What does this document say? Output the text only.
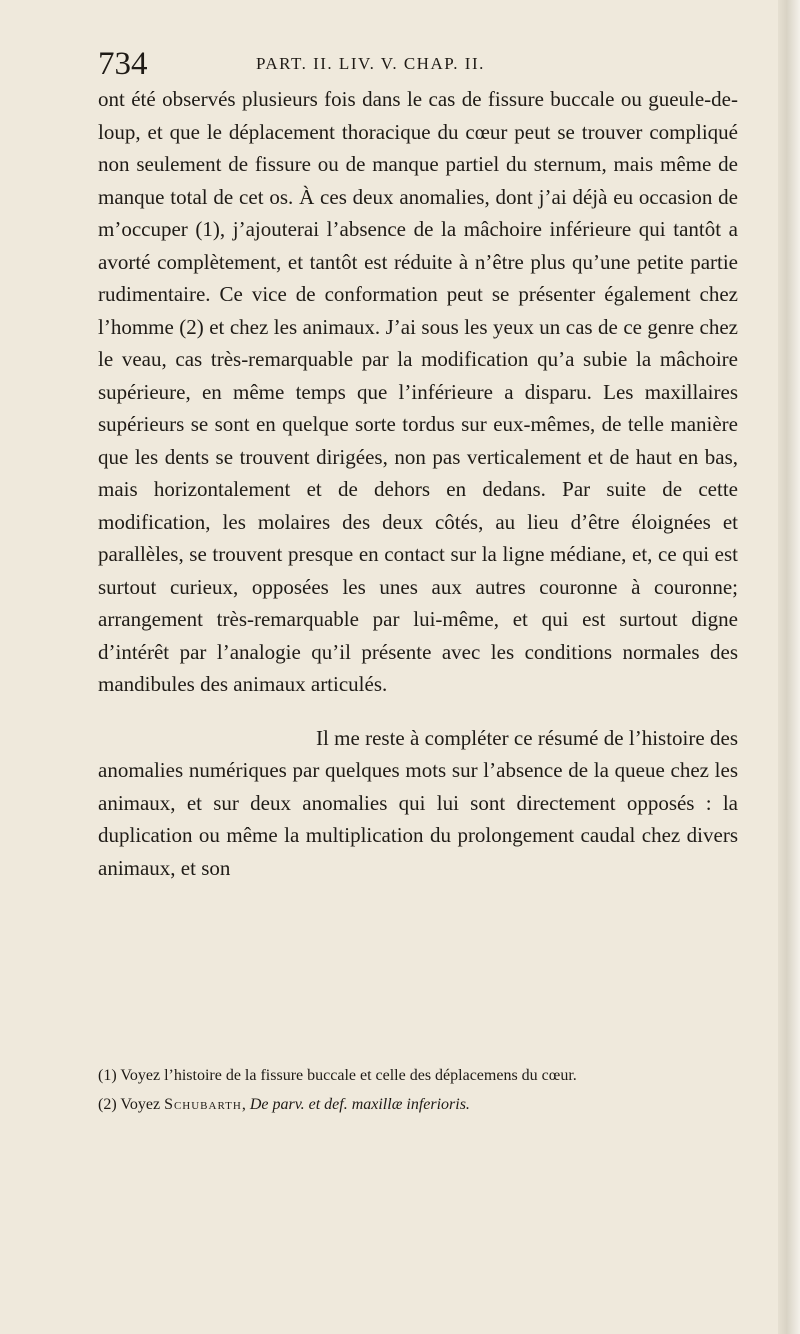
734	PART. II. LIV. V. CHAP. II.

ont été observés plusieurs fois dans le cas de fissure buccale ou gueule-de-loup, et que le déplacement thoracique du cœur peut se trouver compliqué non seulement de fissure ou de manque partiel du sternum, mais même de manque total de cet os. À ces deux anomalies, dont j’ai déjà eu occasion de m’occuper (1), j’ajouterai l’absence de la mâchoire inférieure qui tantôt a avorté complètement, et tantôt est réduite à n’être plus qu’une petite partie rudimentaire. Ce vice de conformation peut se présenter également chez l’homme (2) et chez les animaux. J’ai sous les yeux un cas de ce genre chez le veau, cas très-remarquable par la modification qu’a subie la mâchoire supérieure, en même temps que l’inférieure a disparu. Les maxillaires supérieurs se sont en quelque sorte tordus sur eux-mêmes, de telle manière que les dents se trouvent dirigées, non pas verticalement et de haut en bas, mais horizontalement et de dehors en dedans. Par suite de cette modification, les molaires des deux côtés, au lieu d’être éloignées et parallèles, se trouvent presque en contact sur la ligne médiane, et, ce qui est surtout curieux, opposées les unes aux autres couronne à couronne; arrangement très-remarquable par lui-même, et qui est surtout digne d’intérêt par l’analogie qu’il présente avec les conditions normales des mandibules des animaux articulés.

Il me reste à compléter ce résumé de l’histoire des anomalies numériques par quelques mots sur l’absence de la queue chez les animaux, et sur deux anomalies qui lui sont directement opposés : la duplication ou même la multiplication du prolongement caudal chez divers animaux, et son

(1) Voyez l’histoire de la fissure buccale et celle des déplacemens du cœur.

(2) Voyez Schubarth, De parv. et def. maxillæ inferioris.
